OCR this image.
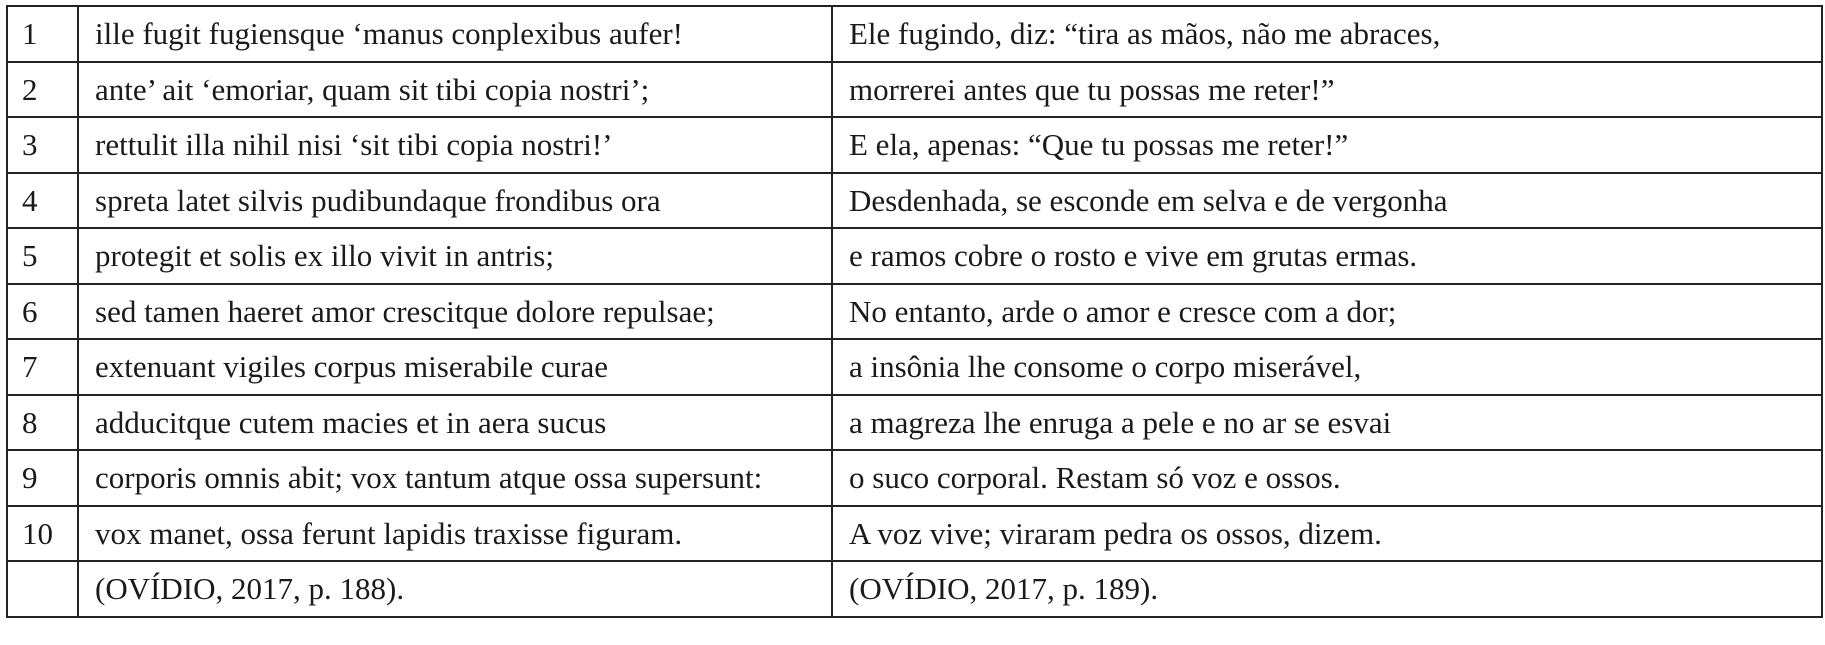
1	ille fugit fugiensque ‘manus conplexibus aufer!	Ele fugindo, diz: “tira as mãos, não me abraces,
2	ante’ ait ‘emoriar, quam sit tibi copia nostri’;	morrerei antes que tu possas me reter!”
3	rettulit illa nihil nisi ‘sit tibi copia nostri!’	E ela, apenas: “Que tu possas me reter!”
4	spreta latet silvis pudibundaque frondibus ora	Desdenhada, se esconde em selva e de vergonha
5	protegit et solis ex illo vivit in antris;	e ramos cobre o rosto e vive em grutas ermas.
6	sed tamen haeret amor crescitque dolore repulsae;	No entanto, arde o amor e cresce com a dor;
7	extenuant vigiles corpus miserabile curae	a insônia lhe consome o corpo miserável,
8	adducitque cutem macies et in aera sucus	a magreza lhe enruga a pele e no ar se esvai
9	corporis omnis abit; vox tantum atque ossa supersunt:	o suco corporal. Restam só voz e ossos.
10	vox manet, ossa ferunt lapidis traxisse figuram.	A voz vive; viraram pedra os ossos, dizem.
	(OVÍDIO, 2017, p. 188).	(OVÍDIO, 2017, p. 189).
